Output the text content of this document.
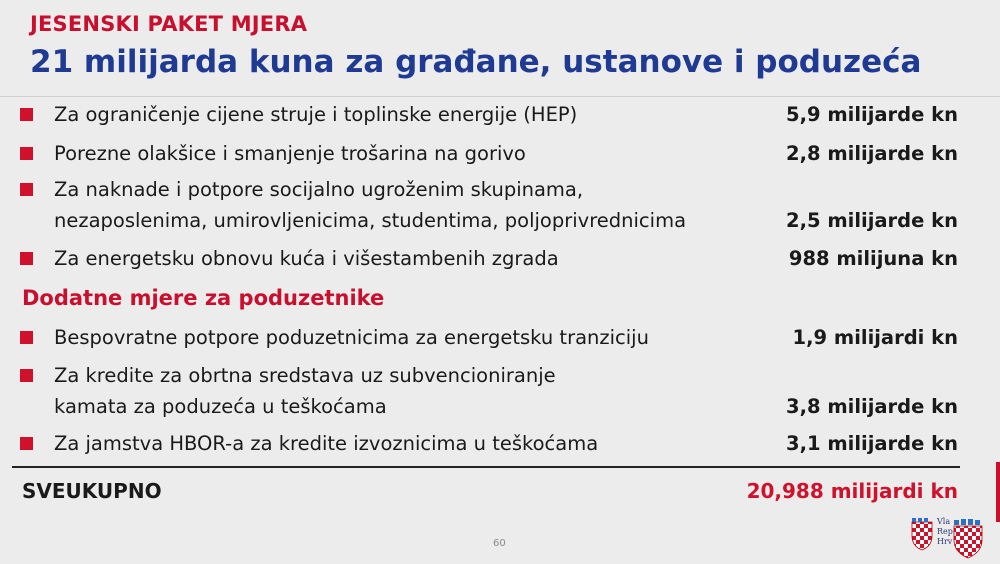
JESENSKI PAKET MJERA
21 milijarda kuna za građane, ustanove i poduzeća
Za ograničenje cijene struje i toplinske energije (HEP)	5,9 milijarde kn
Porezne olakšice i smanjenje trošarina na gorivo	2,8 milijarde kn
Za naknade i potpore socijalno ugroženim skupinama,
nezaposlenima, umirovljenicima, studentima, poljoprivrednicima	2,5 milijarde kn
Za energetsku obnovu kuća i višestambenih zgrada	988 milijuna kn
Dodatne mjere za poduzetnike
Bespovratne potpore poduzetnicima za energetsku tranziciju	1,9 milijardi kn
Za kredite za obrtna sredstava uz subvencioniranje
kamata za poduzeća u teškoćama	3,8 milijarde kn
Za jamstva HBOR-a za kredite izvoznicima u teškoćama	3,1 milijarde kn
SVEUKUPNO	20,988 milijardi kn
60
Vla
Rep
Hrv
